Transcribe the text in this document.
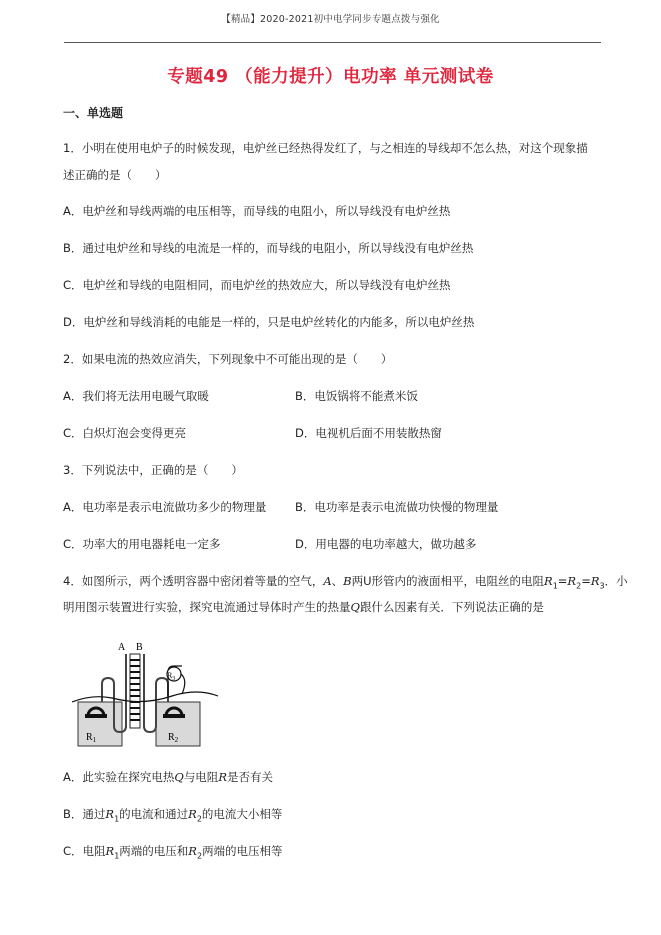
【精品】2020-2021初中电学同步专题点拨与强化
专题49 （能力提升）电功率 单元测试卷
一、单选题
1．小明在使用电炉子的时候发现，电炉丝已经热得发红了，与之相连的导线却不怎么热，对这个现象描
述正确的是（　　）
A．电炉丝和导线两端的电压相等，而导线的电阻小，所以导线没有电炉丝热
B．通过电炉丝和导线的电流是一样的，而导线的电阻小，所以导线没有电炉丝热
C．电炉丝和导线的电阻相同，而电炉丝的热效应大，所以导线没有电炉丝热
D．电炉丝和导线消耗的电能是一样的，只是电炉丝转化的内能多，所以电炉丝热
2．如果电流的热效应消失，下列现象中不可能出现的是（　　）
A．我们将无法用电暖气取暖	B．电饭锅将不能煮米饭
C．白炽灯泡会变得更亮	D．电视机后面不用装散热窗
3．下列说法中，正确的是（　　）
A．电功率是表示电流做功多少的物理量 B．电功率是表示电流做功快慢的物理量
C．功率大的用电器耗电一定多	D．用电器的电功率越大，做功越多
4．如图所示，两个透明容器中密闭着等量的空气，A、B两U形管内的液面相平，电阻丝的电阻$R_1=R_2=R_3$．小
明用图示装置进行实验，探究电流通过导体时产生的热量Q跟什么因素有关．下列说法正确的是
A B
$R_3$
$R_1$	$R_2$
A．此实验在探究电热Q与电阻R是否有关
B．通过$R_1$的电流和通过$R_2$的电流大小相等
C．电阻$R_1$两端的电压和$R_2$两端的电压相等
